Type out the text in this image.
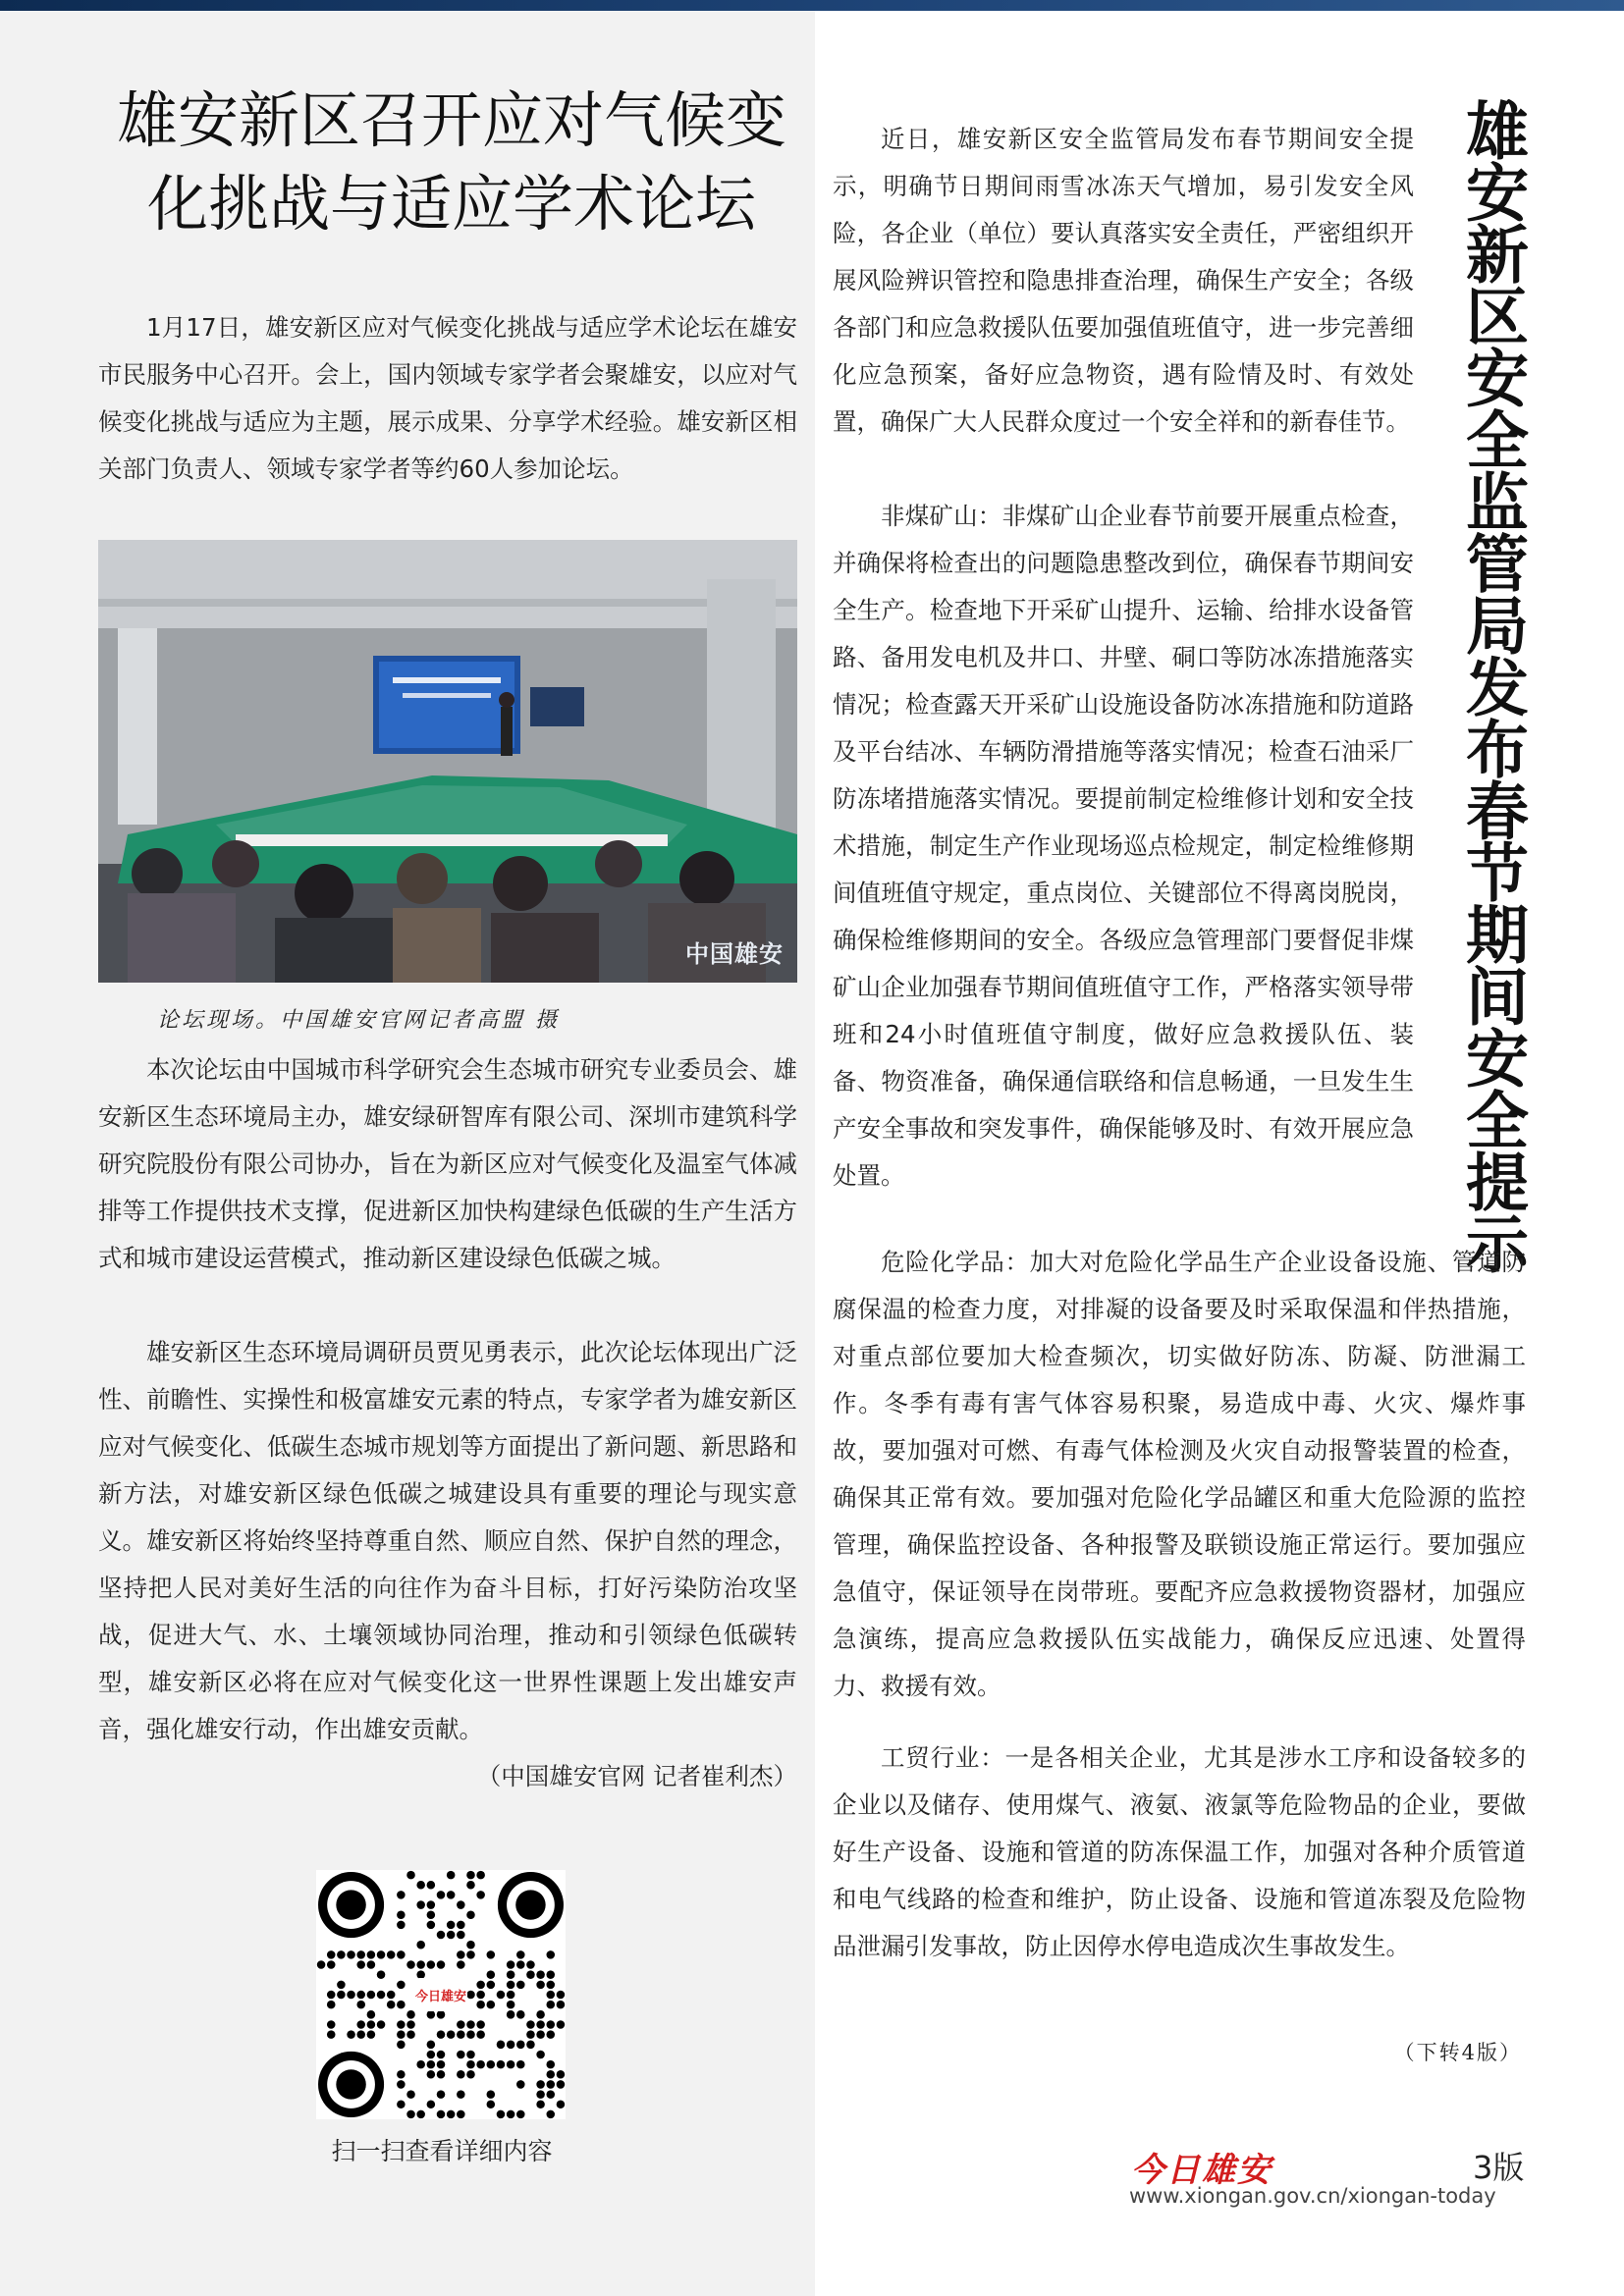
雄安新区召开应对气候变化挑战与适应学术论坛

1月17日，雄安新区应对气候变化挑战与适应学术论坛在雄安市民服务中心召开。会上，国内领域专家学者会聚雄安，以应对气候变化挑战与适应为主题，展示成果、分享学术经验。雄安新区相关部门负责人、领域专家学者等约60人参加论坛。

中国雄安

论坛现场。中国雄安官网记者高盟 摄

本次论坛由中国城市科学研究会生态城市研究专业委员会、雄安新区生态环境局主办，雄安绿研智库有限公司、深圳市建筑科学研究院股份有限公司协办，旨在为新区应对气候变化及温室气体减排等工作提供技术支撑，促进新区加快构建绿色低碳的生产生活方式和城市建设运营模式，推动新区建设绿色低碳之城。

雄安新区生态环境局调研员贾见勇表示，此次论坛体现出广泛性、前瞻性、实操性和极富雄安元素的特点，专家学者为雄安新区应对气候变化、低碳生态城市规划等方面提出了新问题、新思路和新方法，对雄安新区绿色低碳之城建设具有重要的理论与现实意义。雄安新区将始终坚持尊重自然、顺应自然、保护自然的理念，坚持把人民对美好生活的向往作为奋斗目标，打好污染防治攻坚战，促进大气、水、土壤领域协同治理，推动和引领绿色低碳转型，雄安新区必将在应对气候变化这一世界性课题上发出雄安声音，强化雄安行动，作出雄安贡献。
（中国雄安官网 记者崔利杰）

今日雄安

扫一扫查看详细内容

雄安新区安全监管局发布春节期间安全提示

近日，雄安新区安全监管局发布春节期间安全提示，明确节日期间雨雪冰冻天气增加，易引发安全风险，各企业（单位）要认真落实安全责任，严密组织开展风险辨识管控和隐患排查治理，确保生产安全；各级各部门和应急救援队伍要加强值班值守，进一步完善细化应急预案，备好应急物资，遇有险情及时、有效处置，确保广大人民群众度过一个安全祥和的新春佳节。

非煤矿山：非煤矿山企业春节前要开展重点检查，并确保将检查出的问题隐患整改到位，确保春节期间安全生产。检查地下开采矿山提升、运输、给排水设备管路、备用发电机及井口、井壁、硐口等防冰冻措施落实情况；检查露天开采矿山设施设备防冰冻措施和防道路及平台结冰、车辆防滑措施等落实情况；检查石油采厂防冻堵措施落实情况。要提前制定检维修计划和安全技术措施，制定生产作业现场巡点检规定，制定检维修期间值班值守规定，重点岗位、关键部位不得离岗脱岗，确保检维修期间的安全。各级应急管理部门要督促非煤矿山企业加强春节期间值班值守工作，严格落实领导带班和24小时值班值守制度，做好应急救援队伍、装备、物资准备，确保通信联络和信息畅通，一旦发生生产安全事故和突发事件，确保能够及时、有效开展应急处置。

危险化学品：加大对危险化学品生产企业设备设施、管道防腐保温的检查力度，对排凝的设备要及时采取保温和伴热措施，对重点部位要加大检查频次，切实做好防冻、防凝、防泄漏工作。冬季有毒有害气体容易积聚，易造成中毒、火灾、爆炸事故，要加强对可燃、有毒气体检测及火灾自动报警装置的检查，确保其正常有效。要加强对危险化学品罐区和重大危险源的监控管理，确保监控设备、各种报警及联锁设施正常运行。要加强应急值守，保证领导在岗带班。要配齐应急救援物资器材，加强应急演练，提高应急救援队伍实战能力，确保反应迅速、处置得力、救援有效。

工贸行业：一是各相关企业，尤其是涉水工序和设备较多的企业以及储存、使用煤气、液氨、液氯等危险物品的企业，要做好生产设备、设施和管道的防冻保温工作，加强对各种介质管道和电气线路的检查和维护，防止设备、设施和管道冻裂及危险物品泄漏引发事故，防止因停水停电造成次生事故发生。

（下转4版）

今日雄安	3版

www.xiongan.gov.cn/xiongan-today
